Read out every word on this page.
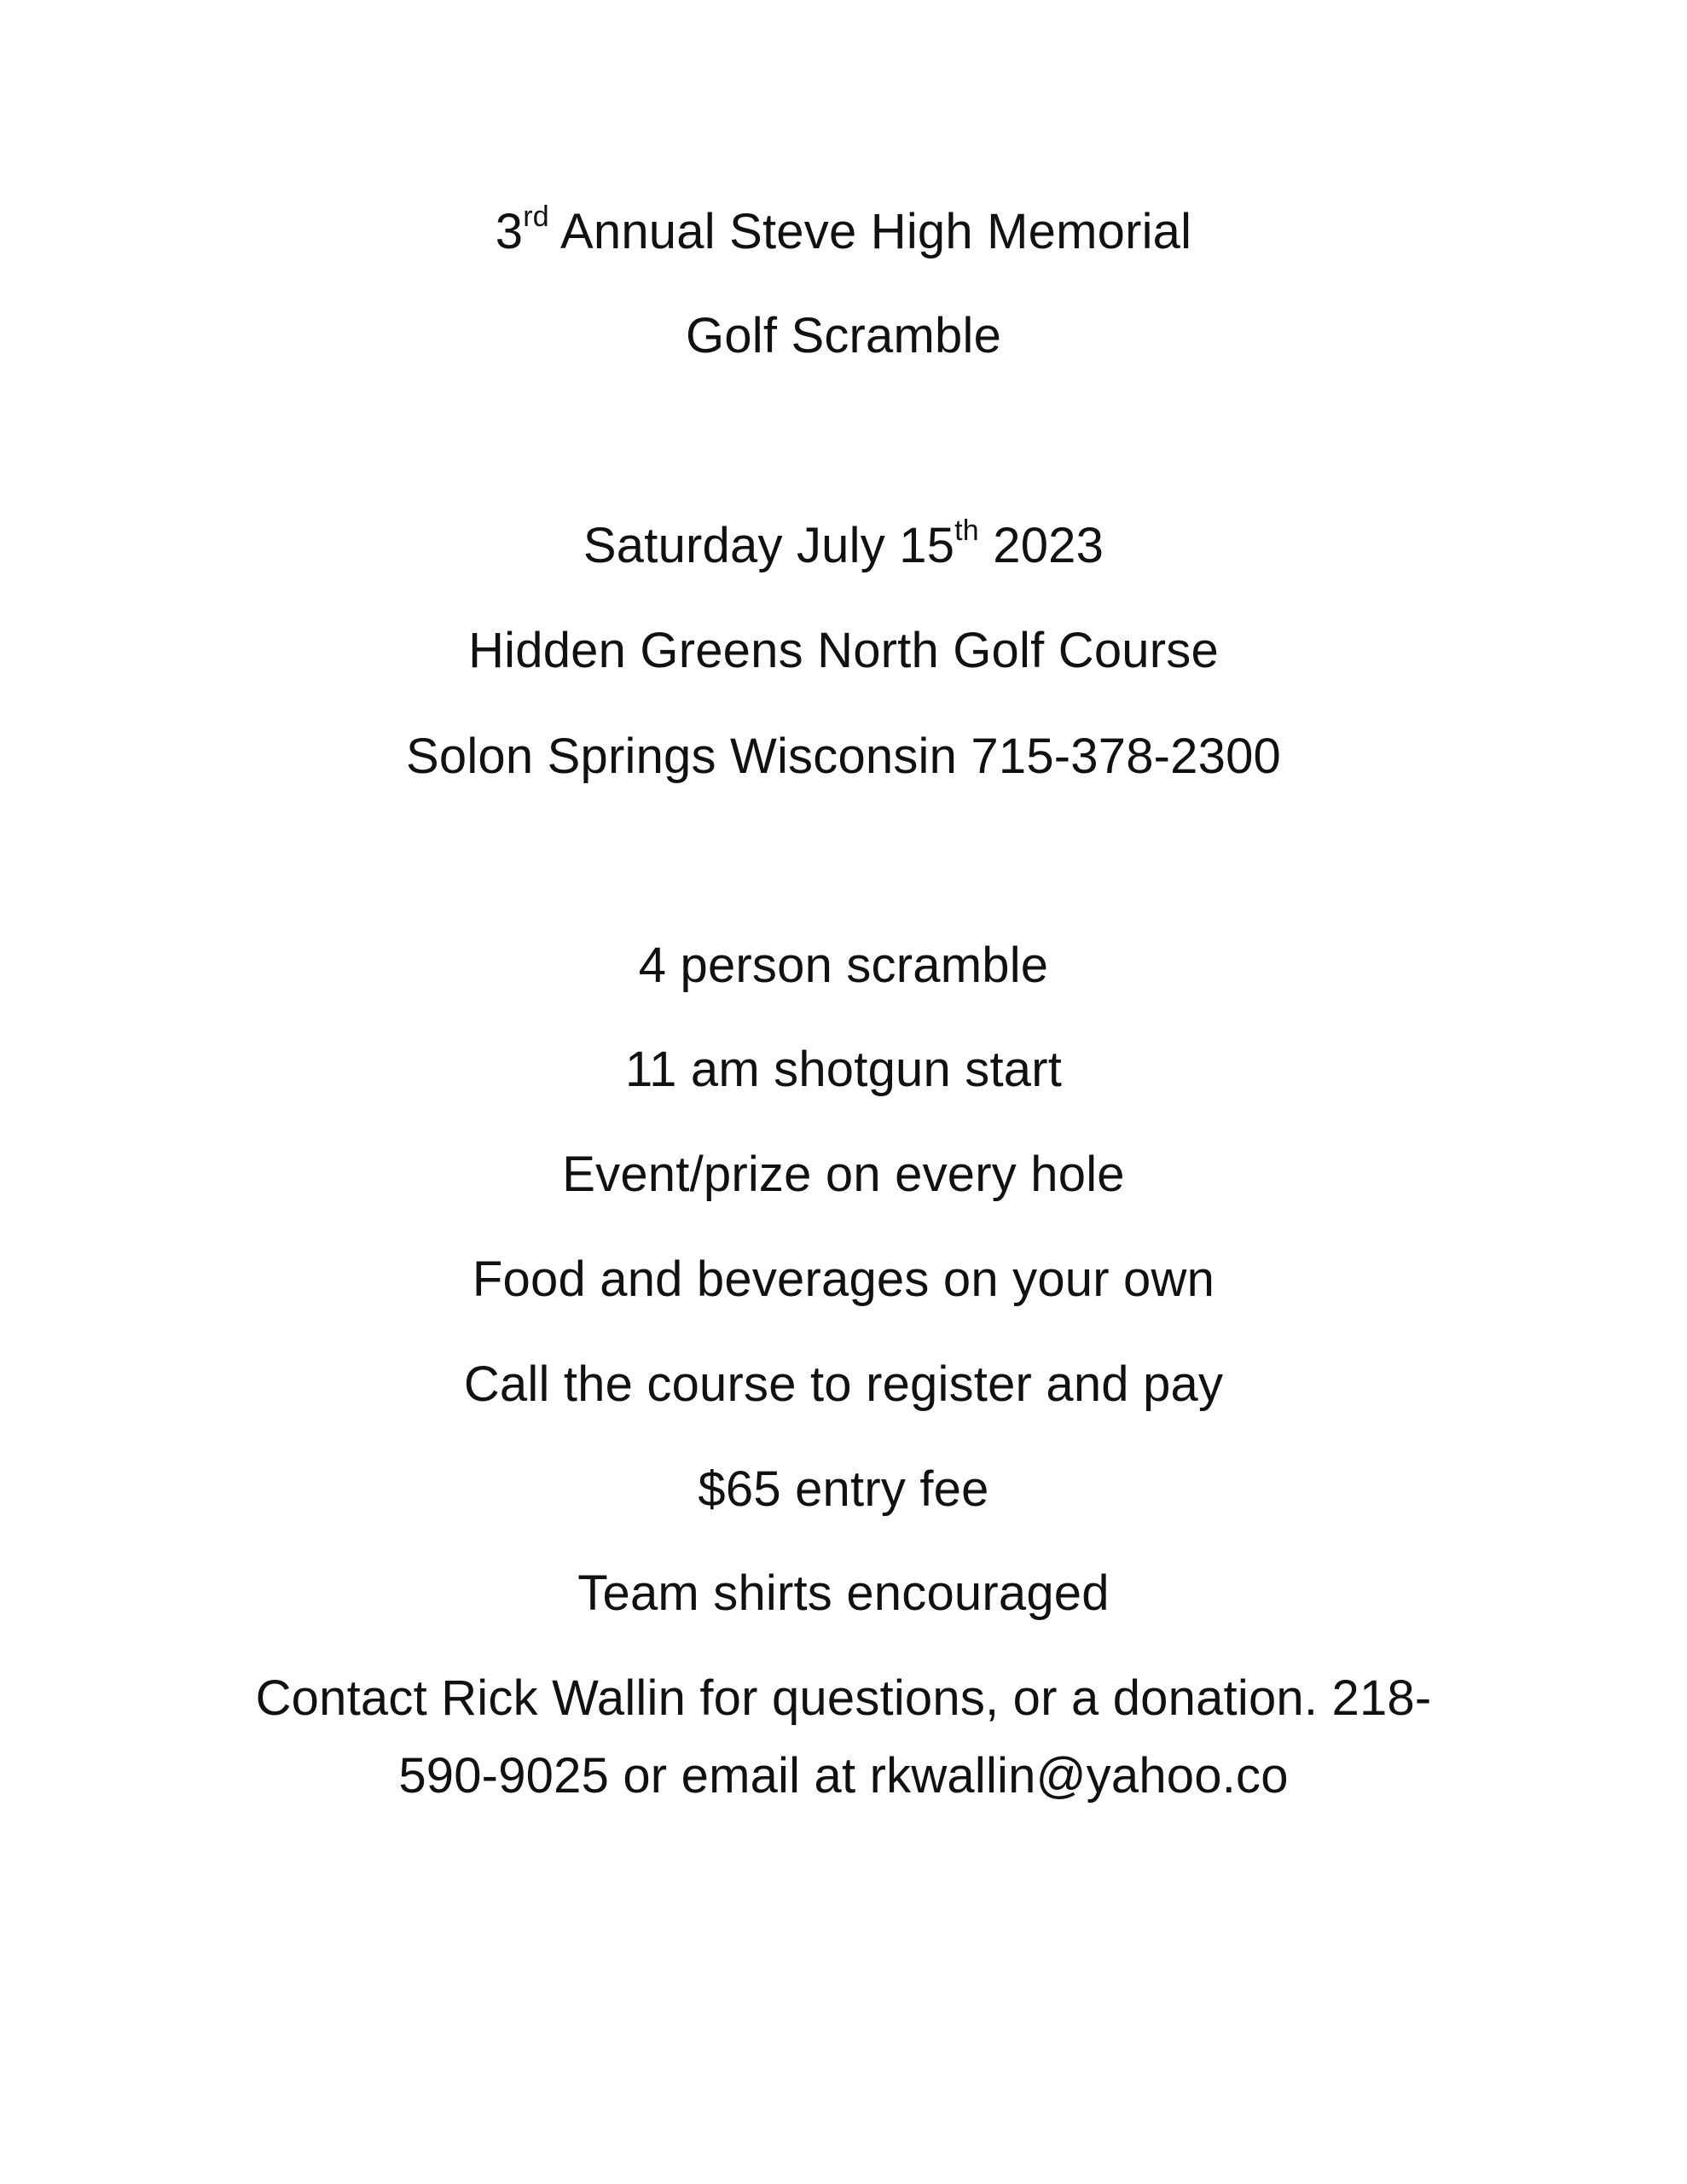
3rd Annual Steve High Memorial
Golf Scramble
Saturday July 15th 2023
Hidden Greens North Golf Course
Solon Springs Wisconsin 715-378-2300
4 person scramble
11 am shotgun start
Event/prize on every hole
Food and beverages on your own
Call the course to register and pay
$65 entry fee
Team shirts encouraged
Contact Rick Wallin for questions, or a donation. 218-
590-9025 or email at rkwallin@yahoo.co
